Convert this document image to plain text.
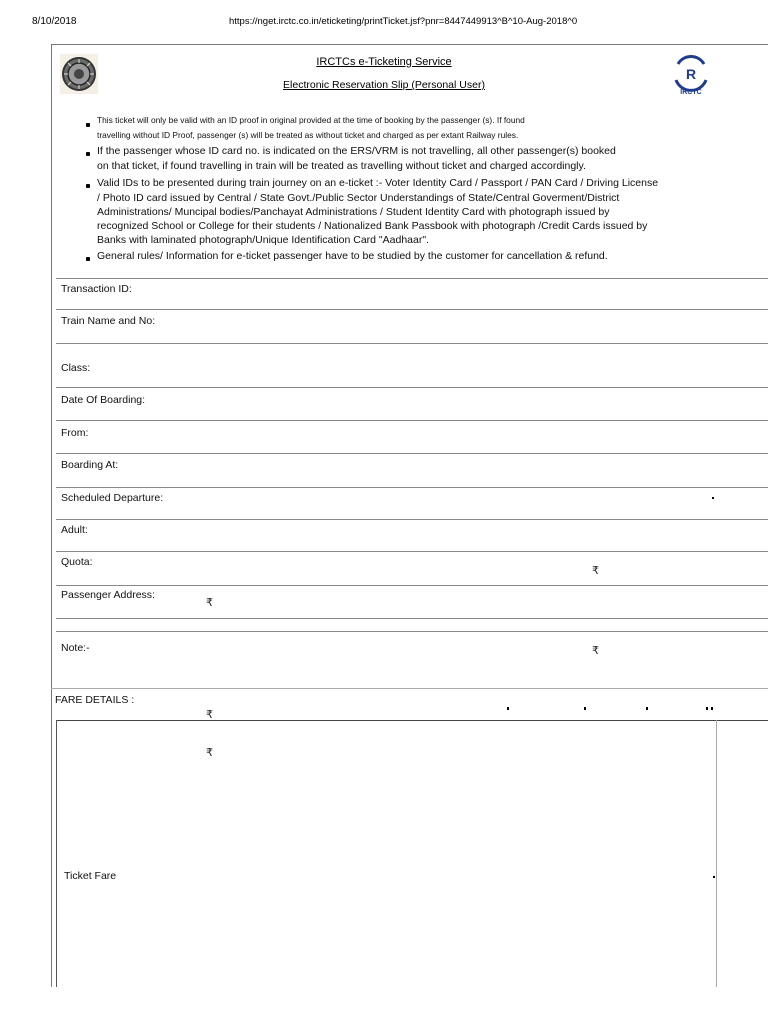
8/10/2018	https://nget.irctc.co.in/eticketing/printTicket.jsf?pnr=8447449913^B^10-Aug-2018^0
R
IRCTC
IRCTCs e-Ticketing Service
Electronic Reservation Slip (Personal User)
This ticket will only be valid with an ID proof in original provided at the time of booking by the passenger (s). If found
travelling without ID Proof, passenger (s) will be treated as without ticket and charged as per extant Railway rules.
If the passenger whose ID card no. is indicated on the ERS/VRM is not travelling, all other passenger(s) booked
on that ticket, if found travelling in train will be treated as travelling without ticket and charged accordingly.
Valid IDs to be presented during train journey on an e-ticket :- Voter Identity Card / Passport / PAN Card / Driving License
/ Photo ID card issued by Central / State Govt./Public Sector Understandings of State/Central Goverment/District
Administrations/ Muncipal bodies/Panchayat Administrations / Student Identity Card with photograph issued by
recognized School or College for their students / Nationalized Bank Passbook with photograph /Credit Cards issued by
Banks with laminated photograph/Unique Identification Card "Aadhaar".
General rules/ Information for e-ticket passenger have to be studied by the customer for cancellation & refund.
Transaction ID:
Train Name and No:
Class:
Date Of Boarding:
From:
Boarding At:
Scheduled Departure:
Adult:
Quota:
₹
Passenger Address:
₹
Note:-	₹
FARE DETAILS :
₹
₹
Ticket Fare
